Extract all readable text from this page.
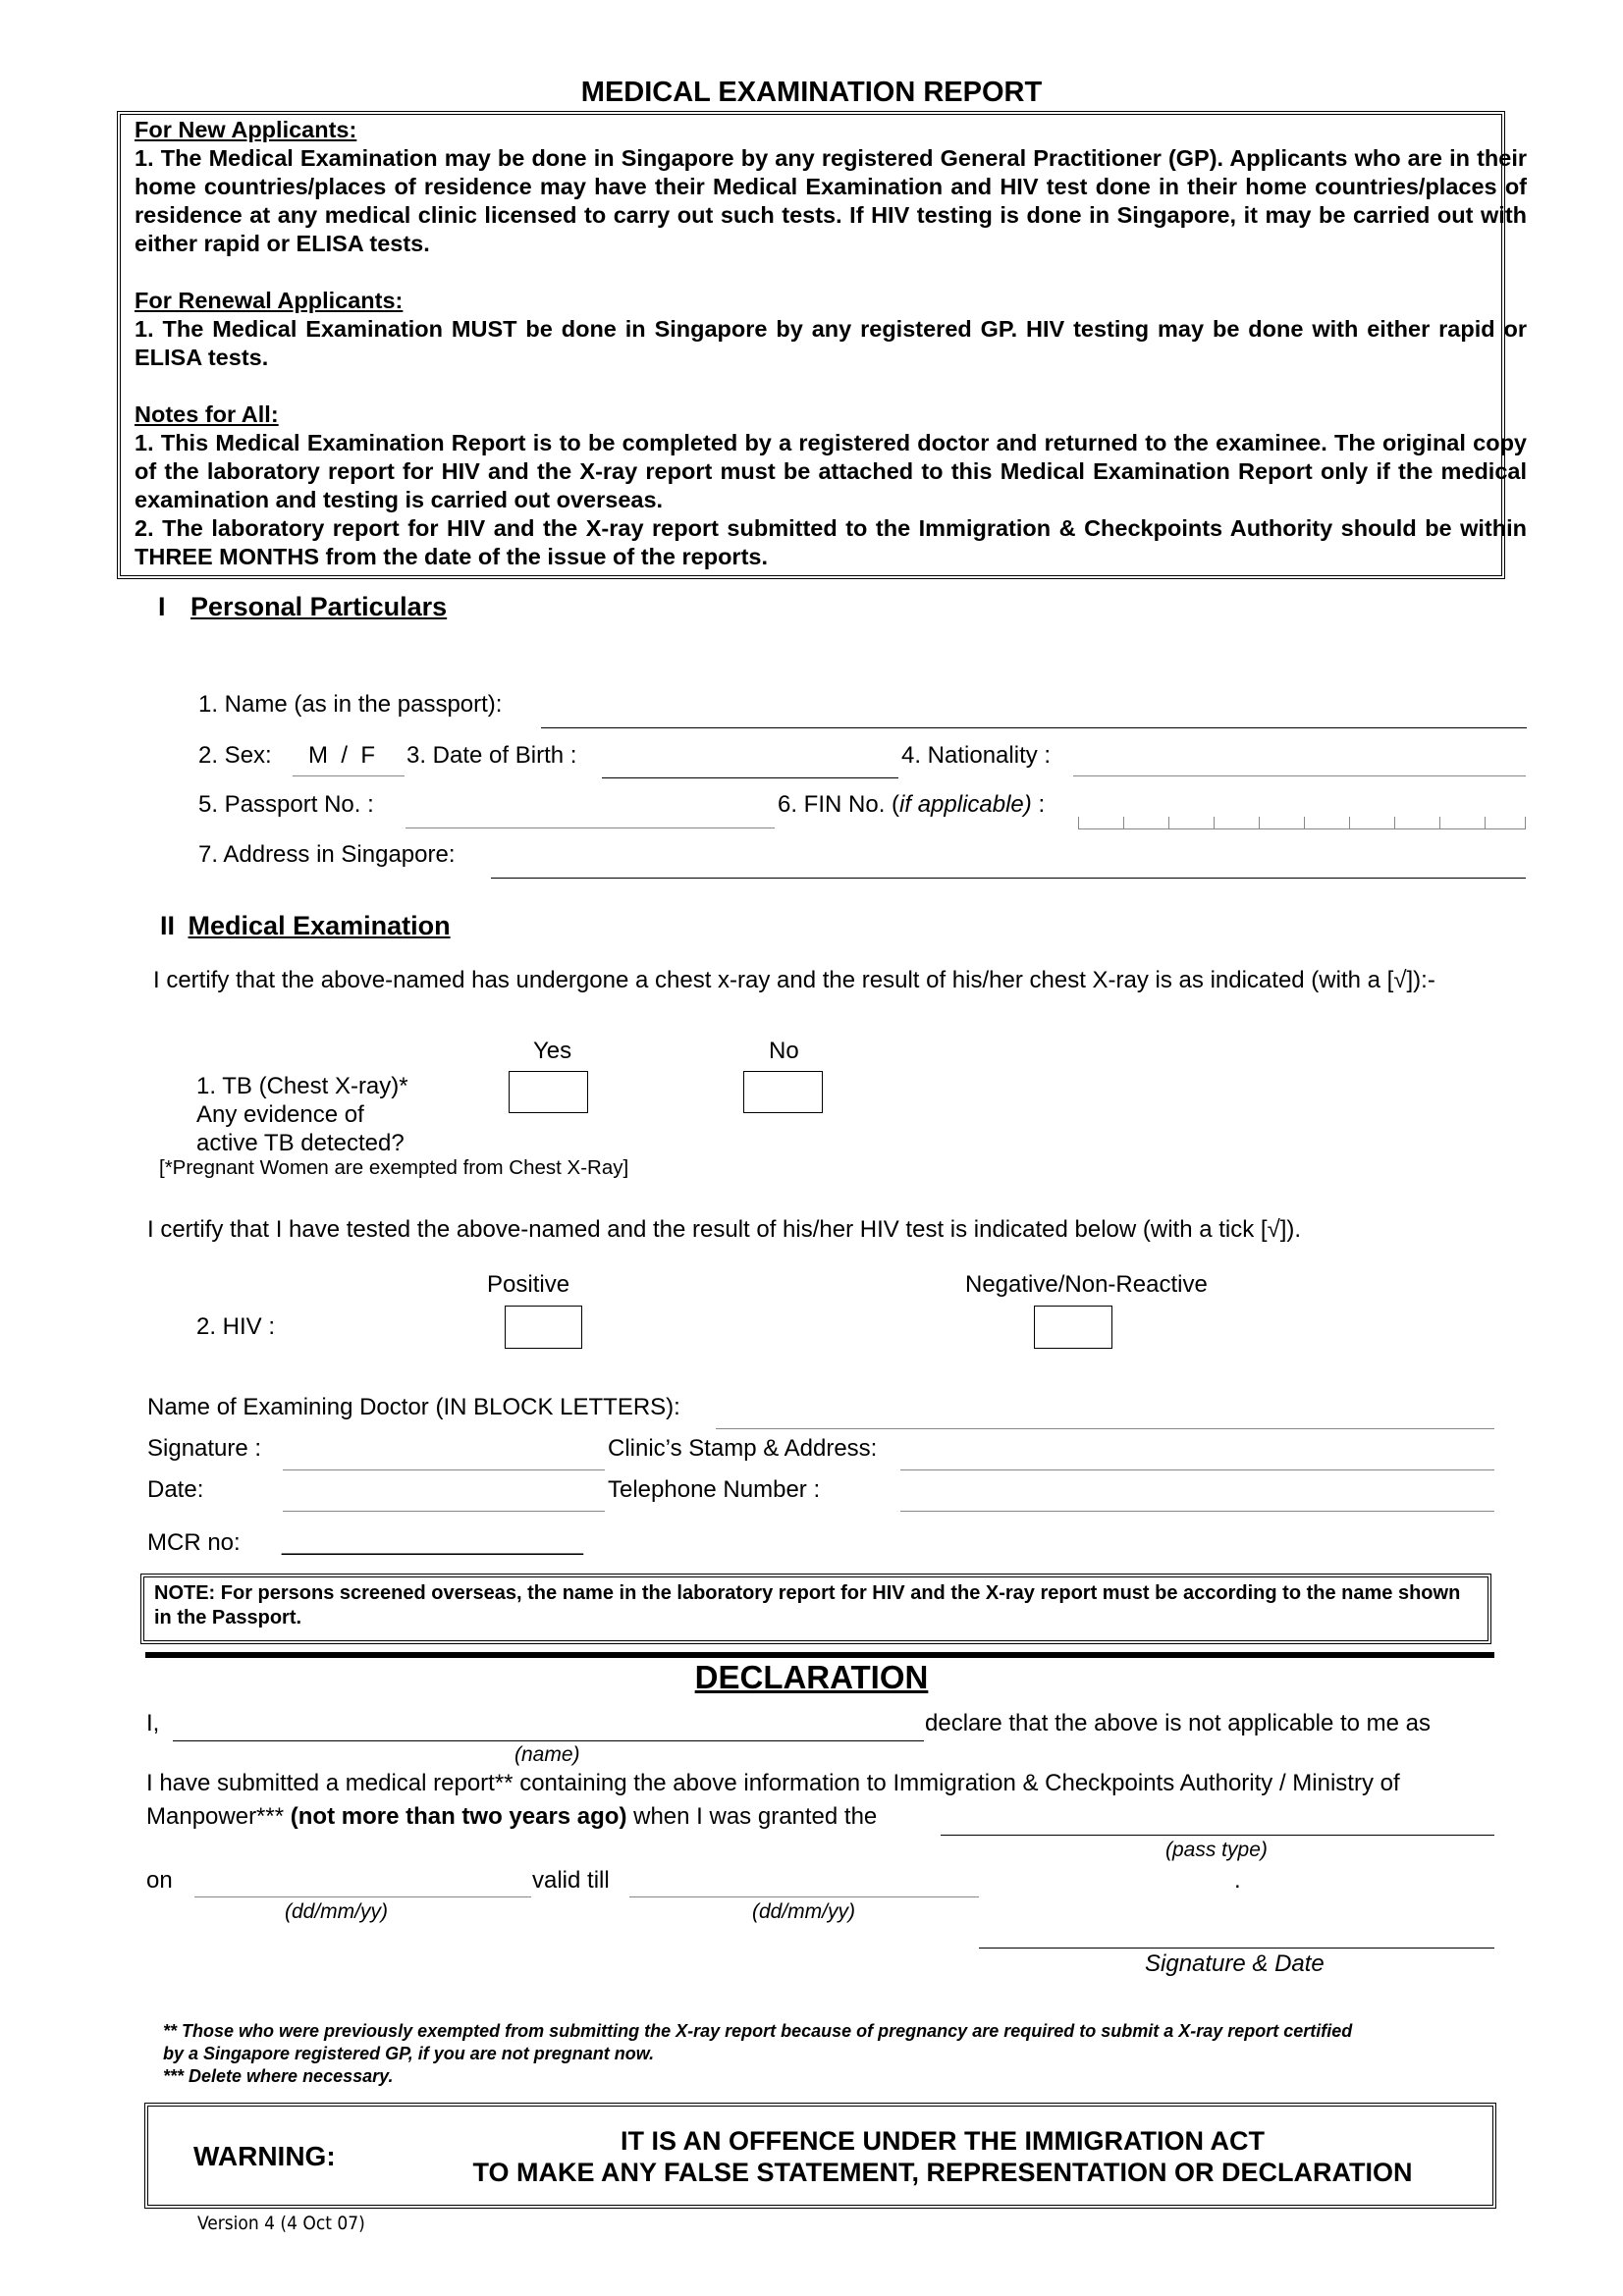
MEDICAL EXAMINATION REPORT

For New Applicants:
1. The Medical Examination may be done in Singapore by any registered General Practitioner (GP). Applicants who are in their home countries/places of residence may have their Medical Examination and HIV test done in their home countries/places of residence at any medical clinic licensed to carry out such tests. If HIV testing is done in Singapore, it may be carried out with either rapid or ELISA tests.

For Renewal Applicants:
1. The Medical Examination MUST be done in Singapore by any registered GP. HIV testing may be done with either rapid or ELISA tests.

Notes for All:
1. This Medical Examination Report is to be completed by a registered doctor and returned to the examinee. The original copy of the laboratory report for HIV and the X-ray report must be attached to this Medical Examination Report only if the medical examination and testing is carried out overseas.
2. The laboratory report for HIV and the X-ray report submitted to the Immigration & Checkpoints Authority should be within THREE MONTHS from the date of the issue of the reports.

I Personal Particulars
1. Name (as in the passport):
2. Sex: M  /  F 3. Date of Birth :	4. Nationality :
5. Passport No. :	6. FIN No. (if applicable) :
7. Address in Singapore:
II Medical Examination
I certify that the above-named has undergone a chest x-ray and the result of his/her chest X-ray is as indicated (with a [√]):-
Yes	No
1. TB (Chest X-ray)*
Any evidence of
active TB detected?
[*Pregnant Women are exempted from Chest X-Ray]
I certify that I have tested the above-named and the result of his/her HIV test is indicated below (with a tick [√]).
Positive	Negative/Non-Reactive
2. HIV :
Name of Examining Doctor (IN BLOCK LETTERS):
Signature :	Clinic’s Stamp & Address:
Date:	Telephone Number :
MCR no: _______________________
NOTE: For persons screened overseas, the name in the laboratory report for HIV and the X-ray report must be according to the name shown in the Passport.
DECLARATION
I,	declare that the above is not applicable to me as
(name)
I have submitted a medical report** containing the above information to Immigration & Checkpoints Authority / Ministry of
Manpower*** (not more than two years ago) when I was granted the
(pass type)
on	valid till	.
(dd/mm/yy)	(dd/mm/yy)
Signature & Date
** Those who were previously exempted from submitting the X-ray report because of pregnancy are required to submit a X-ray report certified
by a Singapore registered GP, if you are not pregnant now.
*** Delete where necessary.
WARNING:	IT IS AN OFFENCE UNDER THE IMMIGRATION ACT
TO MAKE ANY FALSE STATEMENT, REPRESENTATION OR DECLARATION
Version 4 (4 Oct 07)
